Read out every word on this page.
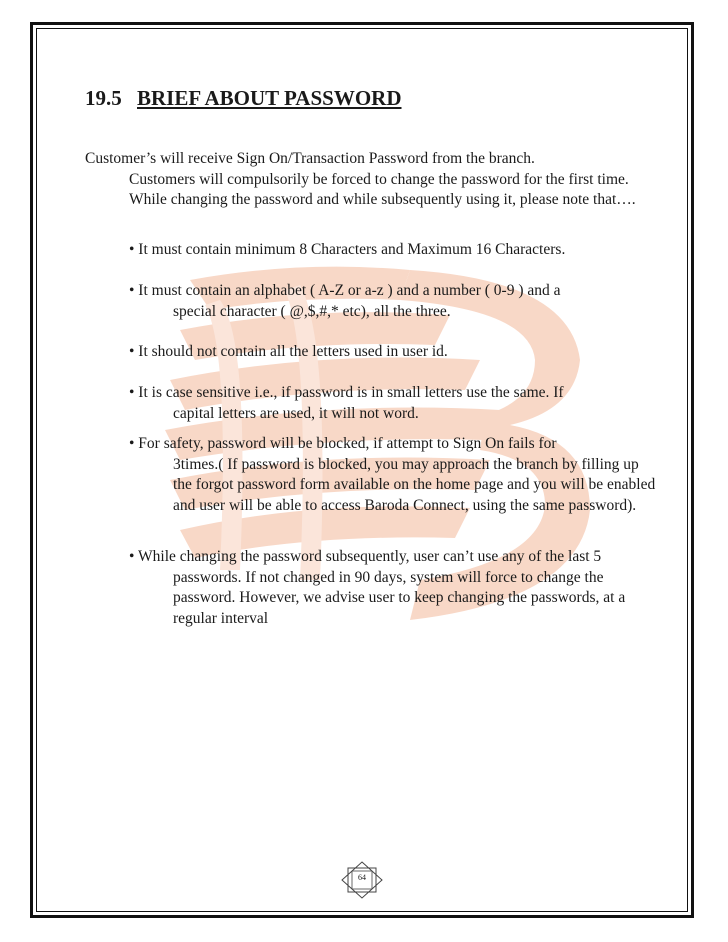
19.5 BRIEF ABOUT PASSWORD
Customer’s will receive Sign On/Transaction Password from the branch.
Customers will compulsorily be forced to change the password for the first time. While changing the password and while subsequently using it, please note that….
• It must contain minimum 8 Characters and Maximum 16 Characters.
• It must contain an alphabet ( A-Z or a-z ) and a number ( 0-9 ) and a
special character ( @,$,#,* etc), all the three.
• It should not contain all the letters used in user id.
• It is case sensitive i.e., if password is in small letters use the same. If
capital letters are used, it will not word.
• For safety, password will be blocked, if attempt to Sign On fails for
3times.( If password is blocked, you may approach the branch by filling up the forgot password form available on the home page and you will be enabled and user will be able to access Baroda Connect, using the same password).
• While changing the password subsequently, user can’t use any of the last 5
passwords. If not changed in 90 days, system will force to change the password. However, we advise user to keep changing the passwords, at a regular interval
64
